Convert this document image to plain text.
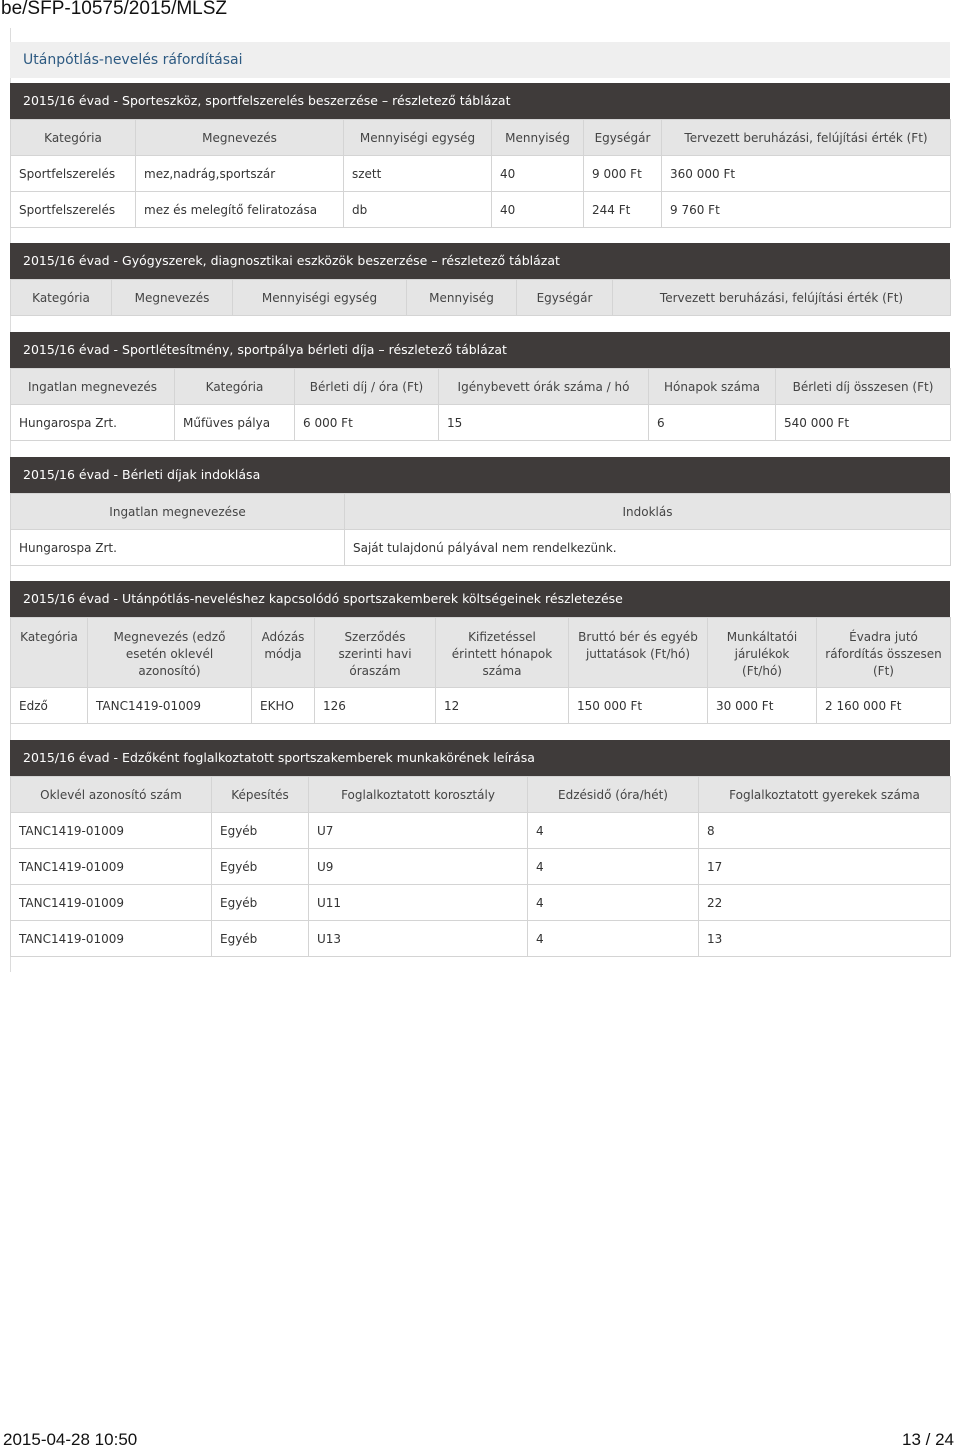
be/SFP-10575/2015/MLSZ
Utánpótlás-nevelés ráfordításai
2015/16 évad - Sporteszköz, sportfelszerelés beszerzése – részletező táblázat
Kategória	Megnevezés	Mennyiségi egység	Mennyiség	Egységár	Tervezett beruházási, felújítási érték (Ft)
Sportfelszerelés	mez,nadrág,sportszár	szett	40	9 000 Ft	360 000 Ft
Sportfelszerelés	mez és melegítő feliratozása	db	40	244 Ft	9 760 Ft
2015/16 évad - Gyógyszerek, diagnosztikai eszközök beszerzése – részletező táblázat
Kategória	Megnevezés	Mennyiségi egység	Mennyiség	Egységár	Tervezett beruházási, felújítási érték (Ft)
2015/16 évad - Sportlétesítmény, sportpálya bérleti díja – részletező táblázat
Ingatlan megnevezés	Kategória	Bérleti díj / óra (Ft)	Igénybevett órák száma / hó	Hónapok száma	Bérleti díj összesen (Ft)
Hungarospa Zrt.	Műfüves pálya	6 000 Ft	15	6	540 000 Ft
2015/16 évad - Bérleti díjak indoklása
Ingatlan megnevezése	Indoklás
Hungarospa Zrt.	Saját tulajdonú pályával nem rendelkezünk.
2015/16 évad - Utánpótlás-neveléshez kapcsolódó sportszakemberek költségeinek részletezése
Kategória	Megnevezés (edző esetén oklevél azonosító)	Adózás módja	Szerződés szerinti havi óraszám	Kifizetéssel érintett hónapok száma	Bruttó bér és egyéb juttatások (Ft/hó)	Munkáltatói járulékok (Ft/hó)	Évadra jutó ráfordítás összesen (Ft)
Edző	TANC1419-01009	EKHO	126	12	150 000 Ft	30 000 Ft	2 160 000 Ft
2015/16 évad - Edzőként foglalkoztatott sportszakemberek munkakörének leírása
Oklevél azonosító szám	Képesítés	Foglalkoztatott korosztály	Edzésidő (óra/hét)	Foglalkoztatott gyerekek száma
TANC1419-01009	Egyéb	U7	4	8
TANC1419-01009	Egyéb	U9	4	17
TANC1419-01009	Egyéb	U11	4	22
TANC1419-01009	Egyéb	U13	4	13
2015-04-28 10:50	13 / 24
